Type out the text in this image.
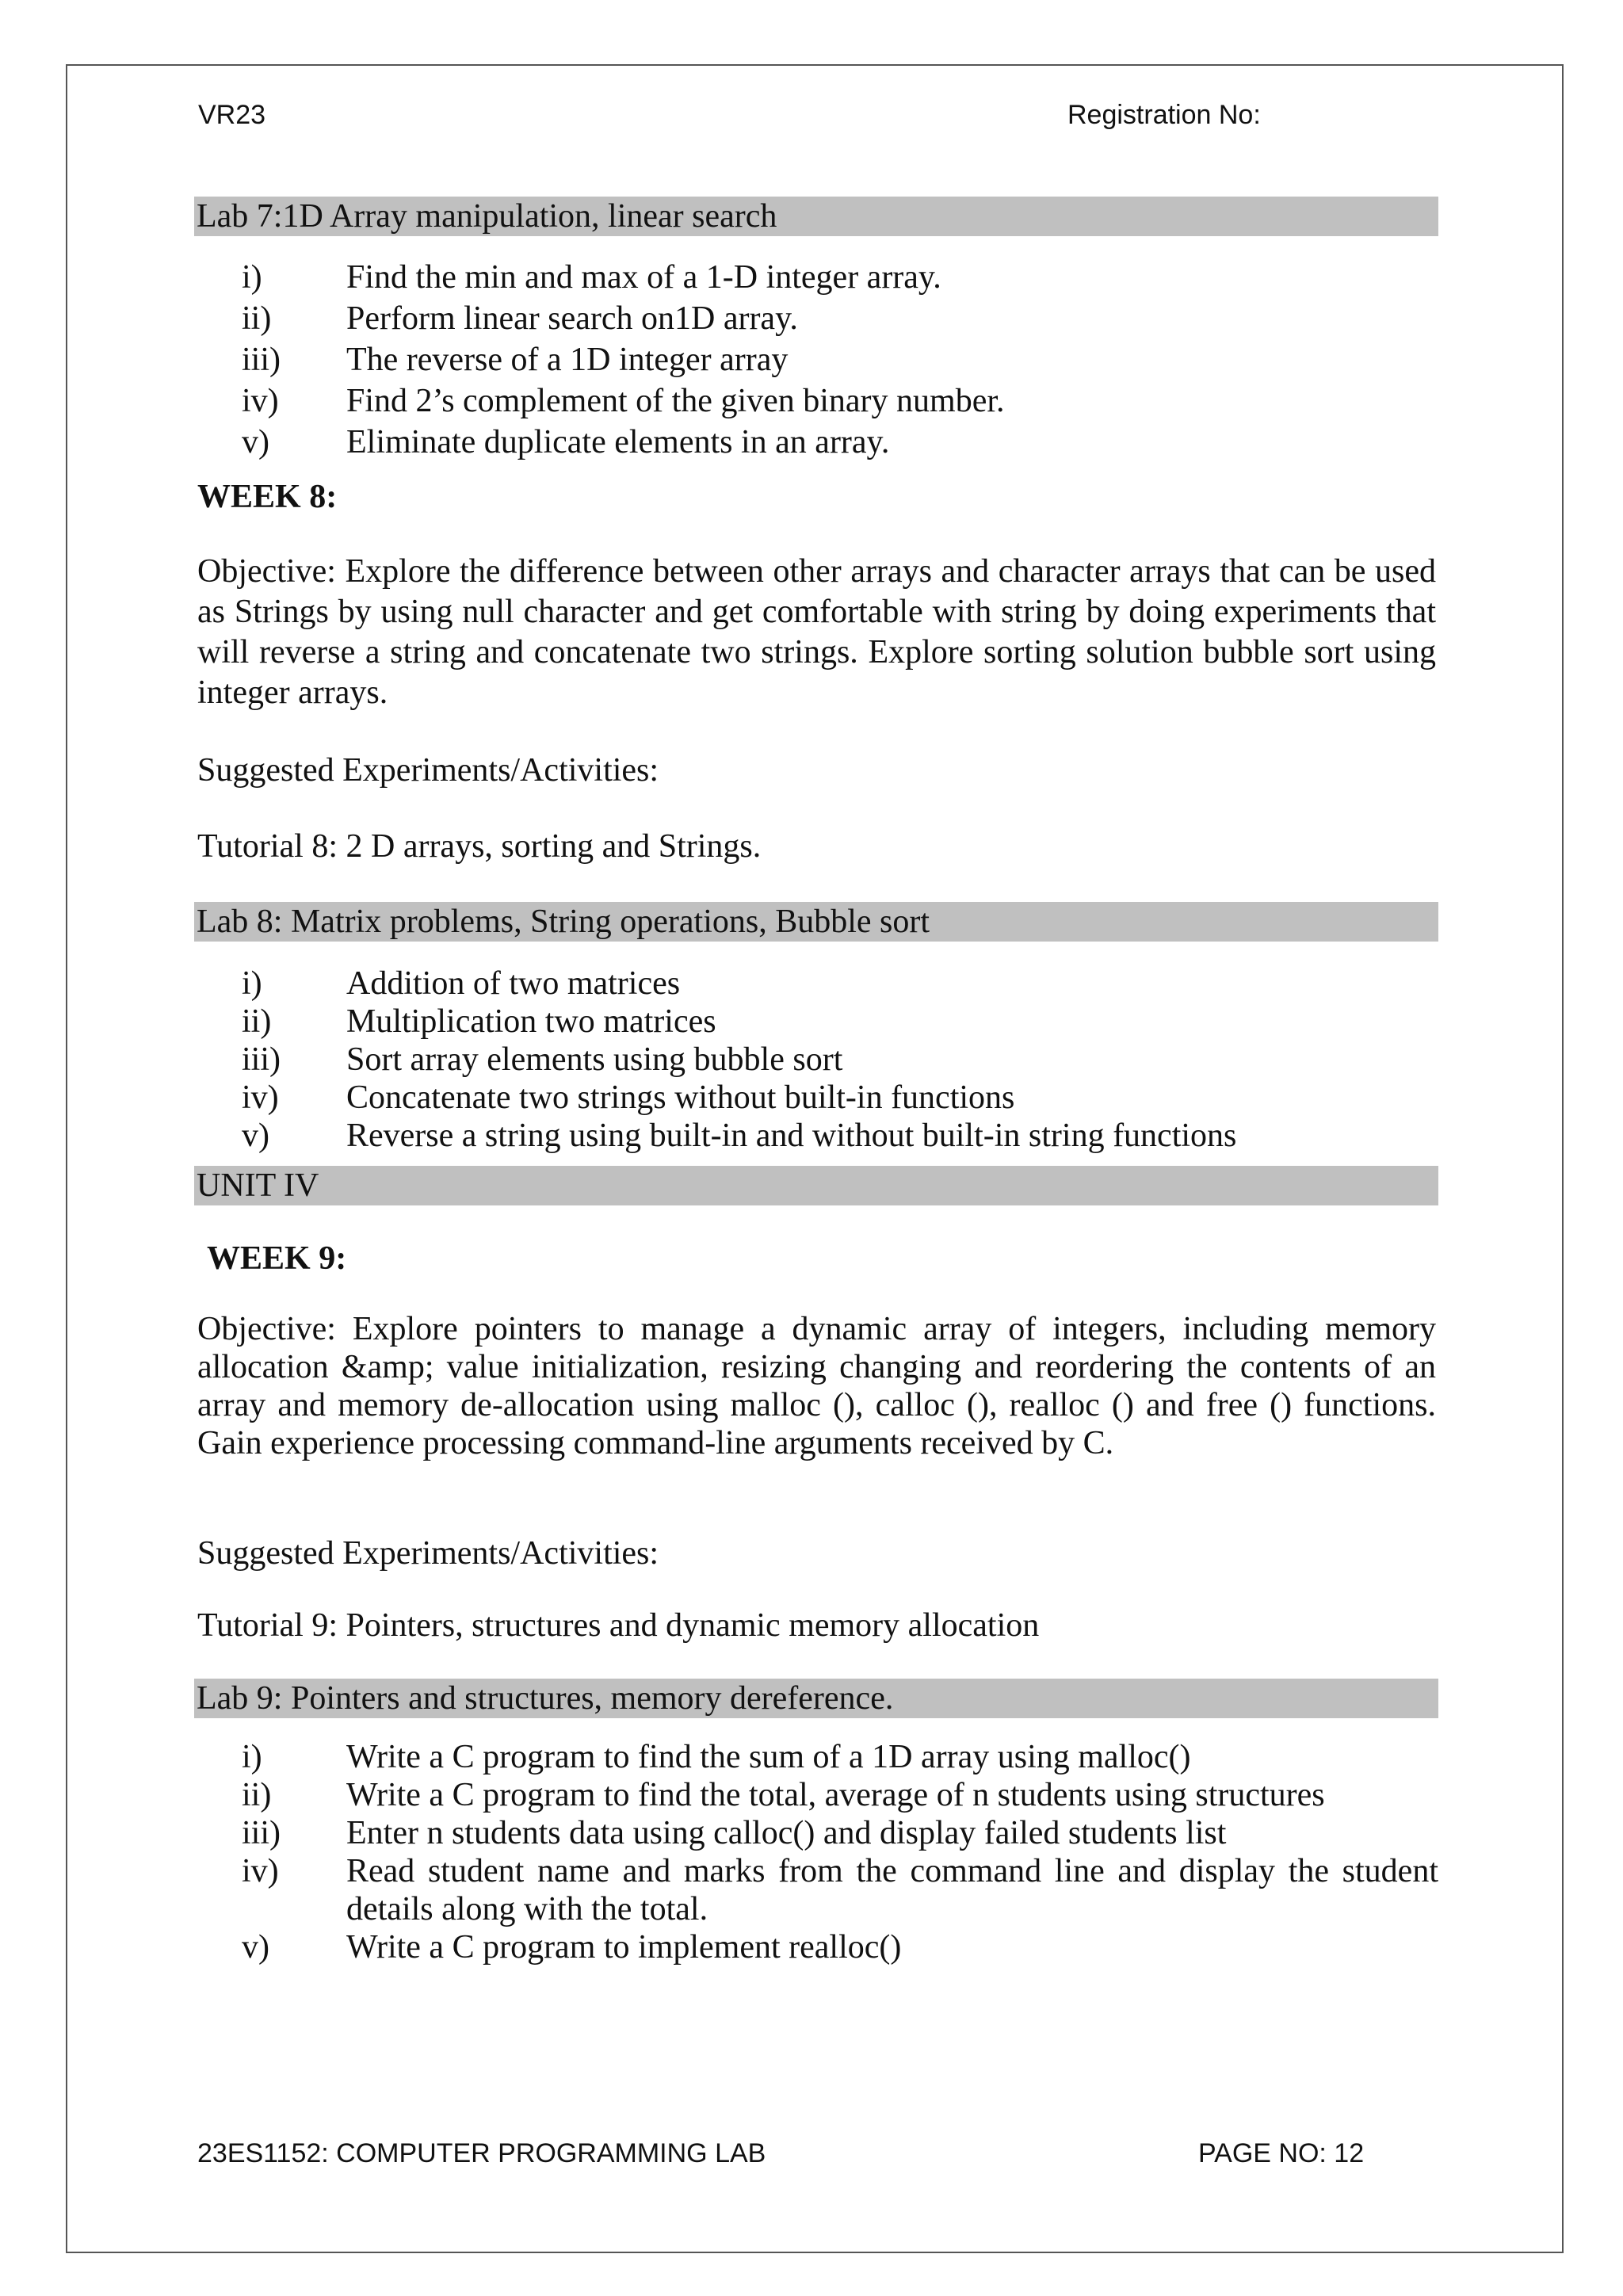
VR23	Registration No:
Lab 7:1D Array manipulation, linear search
i)	Find the min and max of a 1-D integer array.
ii) Perform linear search on1D array.
iii) The reverse of a 1D integer array
iv) Find 2’s complement of the given binary number.
v) Eliminate duplicate elements in an array.
WEEK 8:

Objective: Explore the difference between other arrays and character arrays that can be used as Strings by using null character and get comfortable with string by doing experiments that will reverse a string and concatenate two strings. Explore sorting solution bubble sort using integer arrays.

Suggested Experiments/Activities:
Tutorial 8: 2 D arrays, sorting and Strings.
Lab 8: Matrix problems, String operations, Bubble sort
i)	Addition of two matrices
ii) Multiplication two matrices
iii) Sort array elements using bubble sort
iv) Concatenate two strings without built-in functions
v) Reverse a string using built-in and without built-in string functions
UNIT IV
WEEK 9:

Objective: Explore pointers to manage a dynamic array of integers, including memory allocation &amp; value initialization, resizing changing and reordering the contents of an array and memory de-allocation using malloc (), calloc (), realloc () and free () functions. Gain experience processing command-line arguments received by C.

Suggested Experiments/Activities:
Tutorial 9: Pointers, structures and dynamic memory allocation
Lab 9: Pointers and structures, memory dereference.
i)	Write a C program to find the sum of a 1D array using malloc()
ii) Write a C program to find the total, average of n students using structures
iii) Enter n students data using calloc() and display failed students list
iv) Read student name and marks from the command line and display the student details along with the total.
v) Write a C program to implement realloc()
23ES1152: COMPUTER PROGRAMMING LAB	PAGE NO: 12
